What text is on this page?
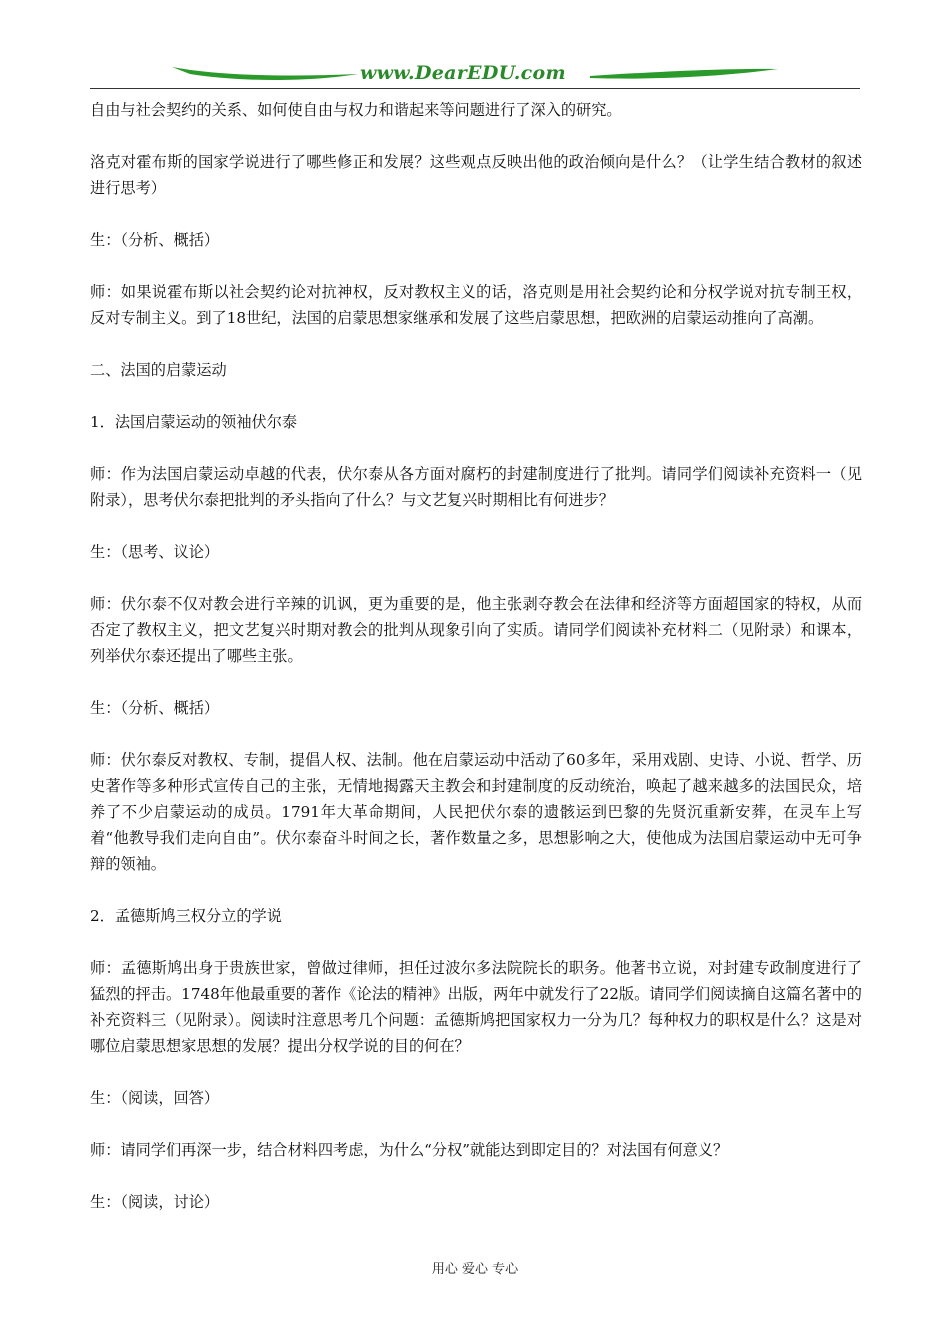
www.DearEDU.com

自由与社会契约的关系、如何使自由与权力和谐起来等问题进行了深入的研究。

洛克对霍布斯的国家学说进行了哪些修正和发展？这些观点反映出他的政治倾向是什么？（让学生结合教材的叙述进行思考）

生：（分析、概括）

师：如果说霍布斯以社会契约论对抗神权，反对教权主义的话，洛克则是用社会契约论和分权学说对抗专制王权，反对专制主义。到了18世纪，法国的启蒙思想家继承和发展了这些启蒙思想，把欧洲的启蒙运动推向了高潮。

二、法国的启蒙运动

1．法国启蒙运动的领袖伏尔泰

师：作为法国启蒙运动卓越的代表，伏尔泰从各方面对腐朽的封建制度进行了批判。请同学们阅读补充资料一（见附录），思考伏尔泰把批判的矛头指向了什么？与文艺复兴时期相比有何进步？

生：（思考、议论）

师：伏尔泰不仅对教会进行辛辣的讥讽，更为重要的是，他主张剥夺教会在法律和经济等方面超国家的特权，从而否定了教权主义，把文艺复兴时期对教会的批判从现象引向了实质。请同学们阅读补充材料二（见附录）和课本，列举伏尔泰还提出了哪些主张。

生：（分析、概括）

师：伏尔泰反对教权、专制，提倡人权、法制。他在启蒙运动中活动了60多年，采用戏剧、史诗、小说、哲学、历史著作等多种形式宣传自己的主张，无情地揭露天主教会和封建制度的反动统治，唤起了越来越多的法国民众，培养了不少启蒙运动的成员。1791年大革命期间，人民把伏尔泰的遗骸运到巴黎的先贤沉重新安葬，在灵车上写着“他教导我们走向自由”。伏尔泰奋斗时间之长，著作数量之多，思想影响之大，使他成为法国启蒙运动中无可争辩的领袖。

2．孟德斯鸠三权分立的学说

师：孟德斯鸠出身于贵族世家，曾做过律师，担任过波尔多法院院长的职务。他著书立说，对封建专政制度进行了猛烈的抨击。1748年他最重要的著作《论法的精神》出版，两年中就发行了22版。请同学们阅读摘自这篇名著中的补充资料三（见附录）。阅读时注意思考几个问题：孟德斯鸠把国家权力一分为几？每种权力的职权是什么？这是对哪位启蒙思想家思想的发展？提出分权学说的目的何在？

生：（阅读，回答）

师：请同学们再深一步，结合材料四考虑，为什么“分权”就能达到即定目的？对法国有何意义？

生：（阅读，讨论）

用心 爱心 专心
